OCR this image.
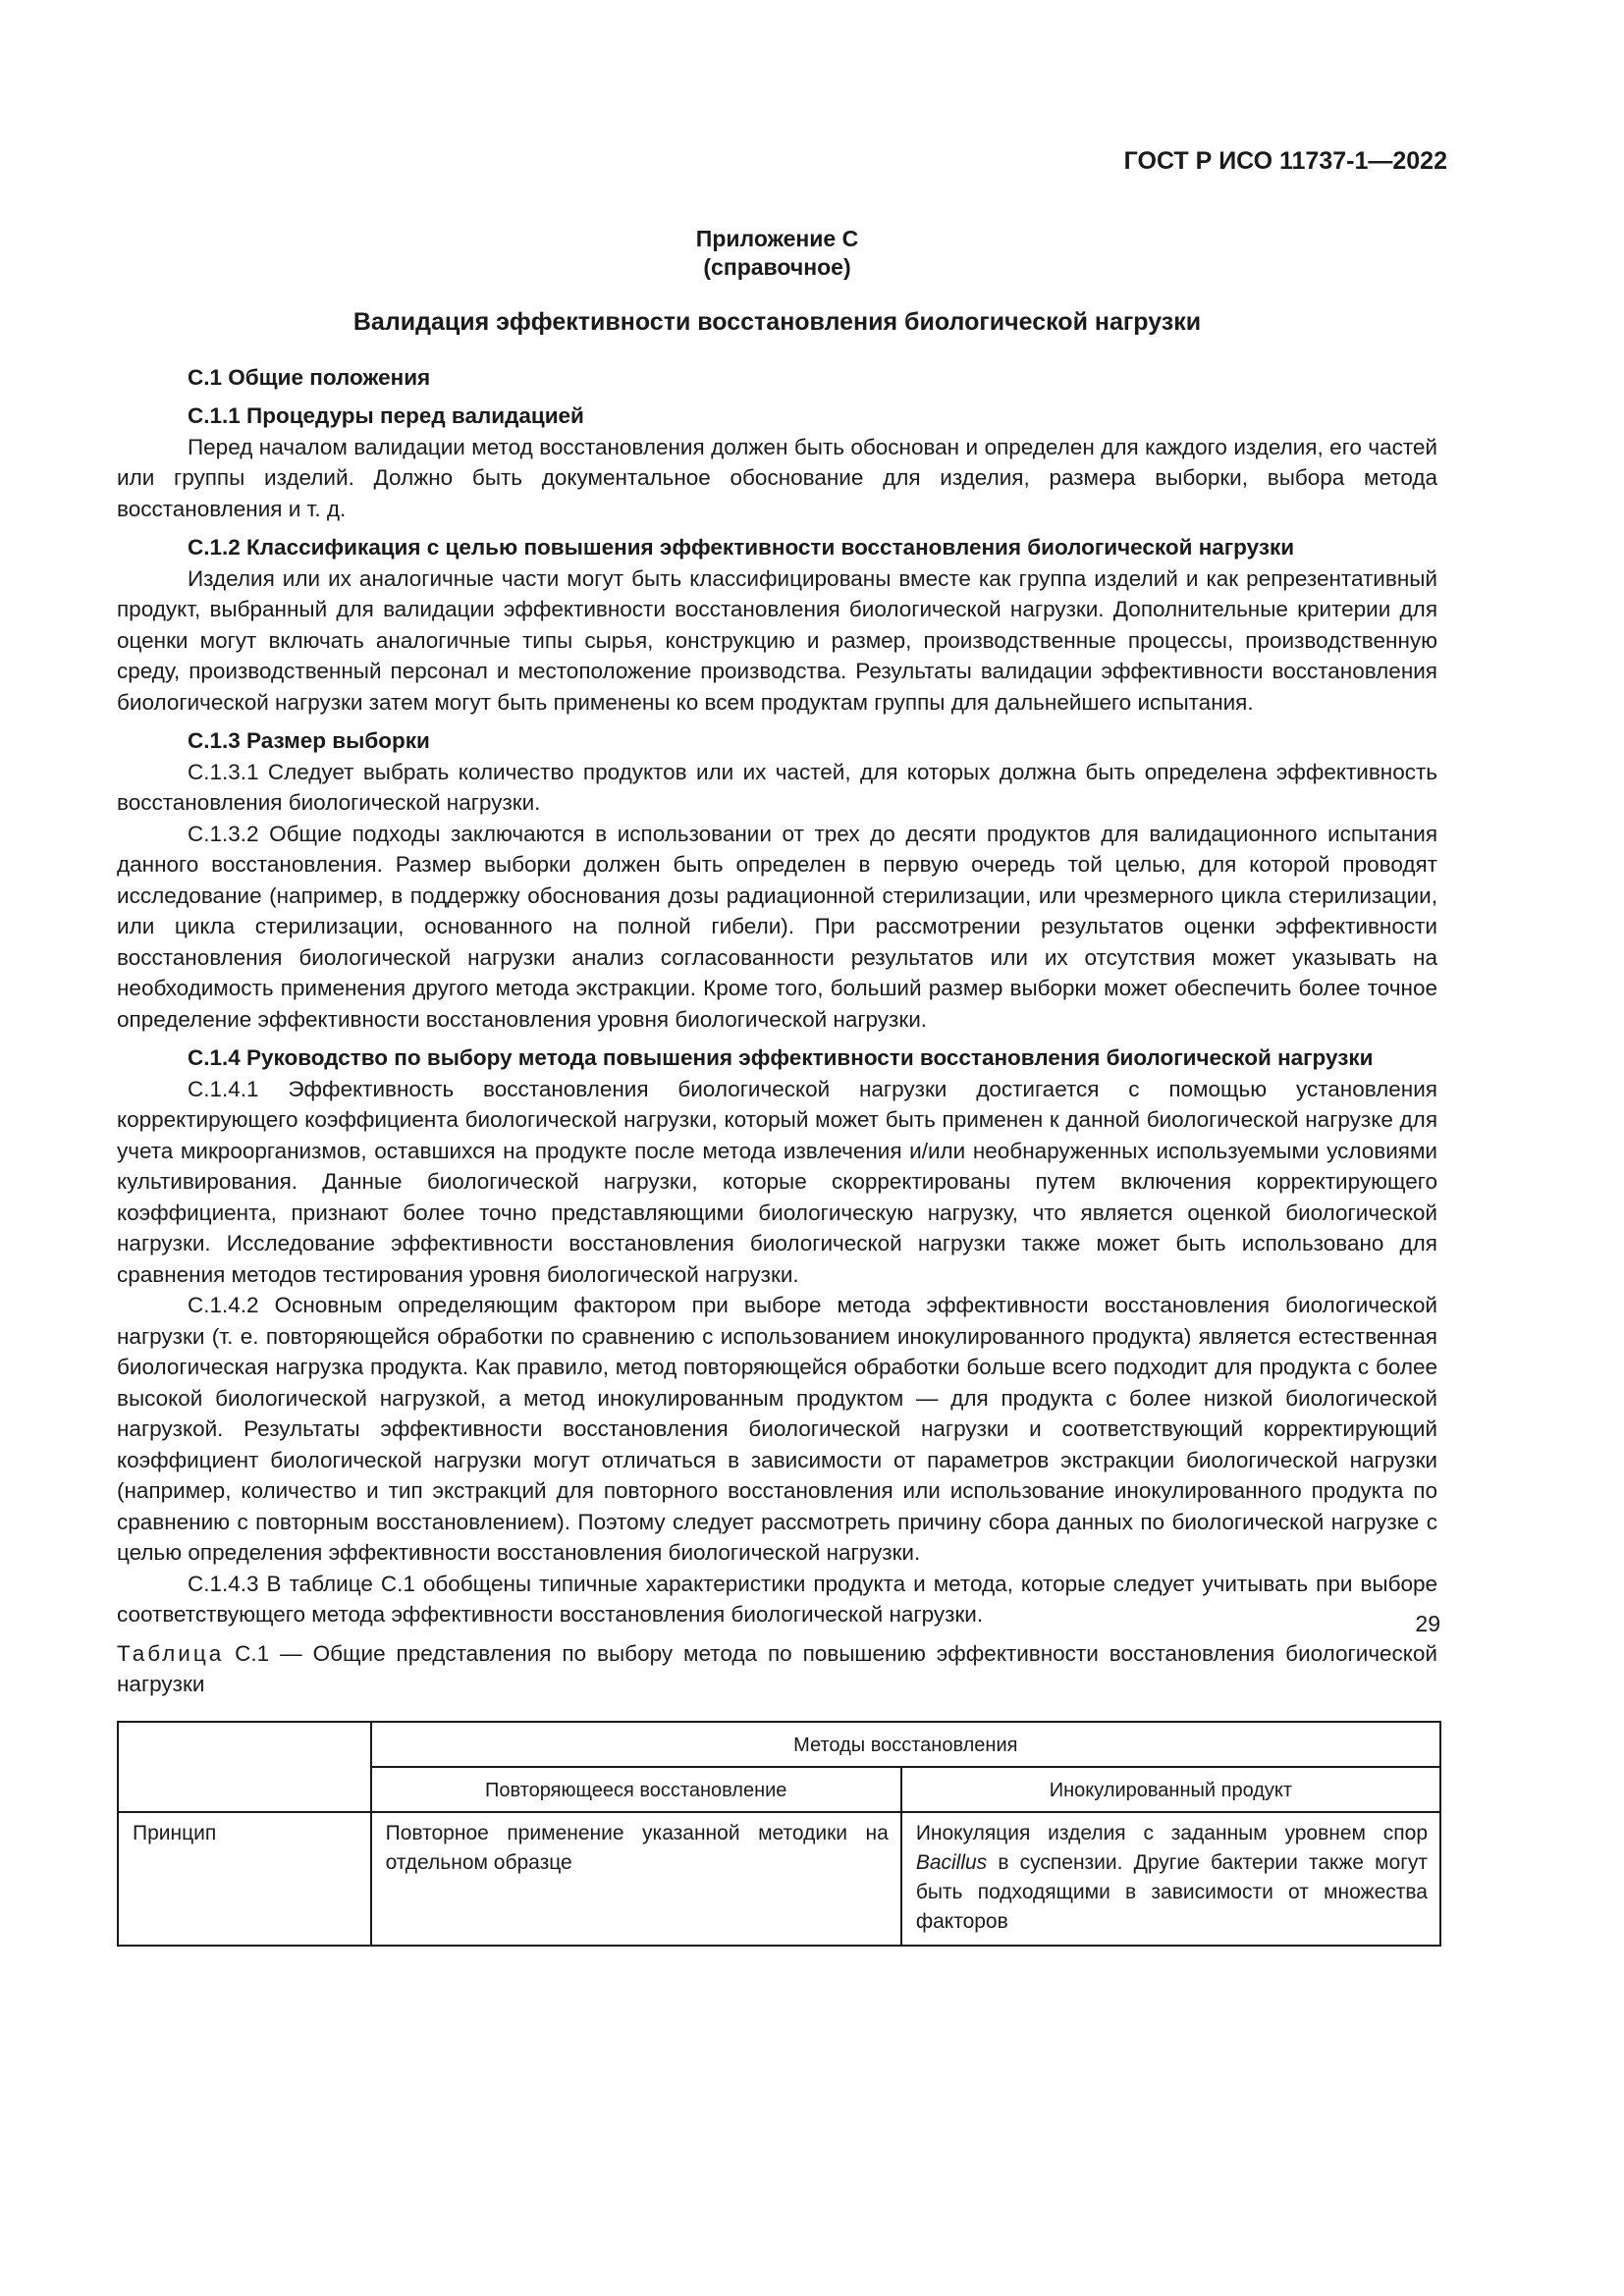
ГОСТ Р ИСО 11737-1—2022
Приложение С
(справочное)
Валидация эффективности восстановления биологической нагрузки

С.1 Общие положения

С.1.1 Процедуры перед валидацией

Перед началом валидации метод восстановления должен быть обоснован и определен для каждого изделия, его частей или группы изделий. Должно быть документальное обоснование для изделия, размера выборки, выбора метода восстановления и т. д.

С.1.2 Классификация с целью повышения эффективности восстановления биологической нагрузки

Изделия или их аналогичные части могут быть классифицированы вместе как группа изделий и как репрезентативный продукт, выбранный для валидации эффективности восстановления биологической нагрузки. Дополнительные критерии для оценки могут включать аналогичные типы сырья, конструкцию и размер, производственные процессы, производственную среду, производственный персонал и местоположение производства. Результаты валидации эффективности восстановления биологической нагрузки затем могут быть применены ко всем продуктам группы для дальнейшего испытания.

С.1.3 Размер выборки

С.1.3.1 Следует выбрать количество продуктов или их частей, для которых должна быть определена эффективность восстановления биологической нагрузки.

С.1.3.2 Общие подходы заключаются в использовании от трех до десяти продуктов для валидационного испытания данного восстановления. Размер выборки должен быть определен в первую очередь той целью, для которой проводят исследование (например, в поддержку обоснования дозы радиационной стерилизации, или чрезмерного цикла стерилизации, или цикла стерилизации, основанного на полной гибели). При рассмотрении результатов оценки эффективности восстановления биологической нагрузки анализ согласованности результатов или их отсутствия может указывать на необходимость применения другого метода экстракции. Кроме того, больший размер выборки может обеспечить более точное определение эффективности восстановления уровня биологической нагрузки.

С.1.4 Руководство по выбору метода повышения эффективности восстановления биологической нагрузки

С.1.4.1 Эффективность восстановления биологической нагрузки достигается с помощью установления корректирующего коэффициента биологической нагрузки, который может быть применен к данной биологической нагрузке для учета микроорганизмов, оставшихся на продукте после метода извлечения и/или необнаруженных используемыми условиями культивирования. Данные биологической нагрузки, которые скорректированы путем включения корректирующего коэффициента, признают более точно представляющими биологическую нагрузку, что является оценкой биологической нагрузки. Исследование эффективности восстановления биологической нагрузки также может быть использовано для сравнения методов тестирования уровня биологической нагрузки.

С.1.4.2 Основным определяющим фактором при выборе метода эффективности восстановления биологической нагрузки (т. е. повторяющейся обработки по сравнению с использованием инокулированного продукта) является естественная биологическая нагрузка продукта. Как правило, метод повторяющейся обработки больше всего подходит для продукта с более высокой биологической нагрузкой, а метод инокулированным продуктом — для продукта с более низкой биологической нагрузкой. Результаты эффективности восстановления биологической нагрузки и соответствующий корректирующий коэффициент биологической нагрузки могут отличаться в зависимости от параметров экстракции биологической нагрузки (например, количество и тип экстракций для повторного восстановления или использование инокулированного продукта по сравнению с повторным восстановлением). Поэтому следует рассмотреть причину сбора данных по биологической нагрузке с целью определения эффективности восстановления биологической нагрузки.

С.1.4.3 В таблице С.1 обобщены типичные характеристики продукта и метода, которые следует учитывать при выборе соответствующего метода эффективности восстановления биологической нагрузки.

Таблица С.1 — Общие представления по выбору метода по повышению эффективности восстановления биологической нагрузки

	Методы восстановления	
	Повторяющееся восстановление	Инокулированный продукт
Принцип	Повторное применение указанной методики на отдельном образце	Инокуляция изделия с заданным уровнем спор Bacillus в суспензии. Другие бактерии также могут быть подходящими в зависимости от множества факторов
29
